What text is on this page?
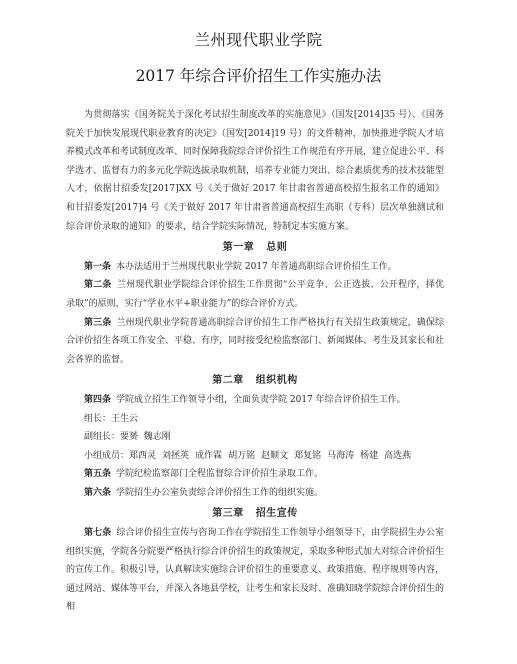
兰州现代职业学院
2017 年综合评价招生工作实施办法

为贯彻落实《国务院关于深化考试招生制度改革的实施意见》（国发[2014]35 号）、《国务院关于加快发展现代职业教育的决定》（国发[2014]19 号）的文件精神，加快推进学院人才培养模式改革和考试制度改革、同时保障我院综合评价招生工作规范有序开展，建立促进公平、科学选才、监督有力的多元化学院选拔录取机制，培养专业能力突出、综合素质优秀的技术技能型人才，依据甘招委发[2017]XX 号《关于做好 2017 年甘肃省普通高校招生报名工作的通知》和甘招委发[2017]4 号《关于做好 2017 年甘肃省普通高校招生高职（专科）层次单独测试和综合评价录取的通知》的要求，结合学院实际情况，特制定本实施方案。

第一章 总则

第一条 本办法适用于兰州现代职业学院 2017 年普通高职综合评价招生工作。

第二条 兰州现代职业学院综合评价招生工作贯彻“公平竞争、公正选拔、公开程序，择优录取”的原则，实行“学业水平+职业能力”的综合评价方式。

第三条 兰州现代职业学院普通高职综合评价招生工作严格执行有关招生政策规定，确保综合评价招生各项工作安全、平稳、有序，同时接受纪检监察部门、新闻媒体、考生及其家长和社会各界的监督。

第二章 组织机构

第四条 学院成立招生工作领导小组，全面负责学院 2017 年综合评价招生工作。

组长：王生云

副组长：要赟 魏志刚

小组成员：郑西灵 刘拯英 成作霖 胡万铭 赵顺文 郑复铭 马海涛 杨建 高选燕

第五条 学院纪检监察部门全程监督综合评价招生录取工作。

第六条 学院招生办公室负责综合评价招生工作的组织实施。

第三章 招生宣传

第七条 综合评价招生宣传与咨询工作在学院招生工作领导小组领导下，由学院招生办公室组织实施，学院各分院要严格执行综合评价招生的政策规定，采取多种形式加大对综合评价招生的宣传工作。积极引导，认真解读实施综合评价招生的重要意义、政策措施、程序规则等内容，通过网站、媒体等平台，并深入各地县学校，让考生和家长及时、准确知晓学院综合评价招生的相
